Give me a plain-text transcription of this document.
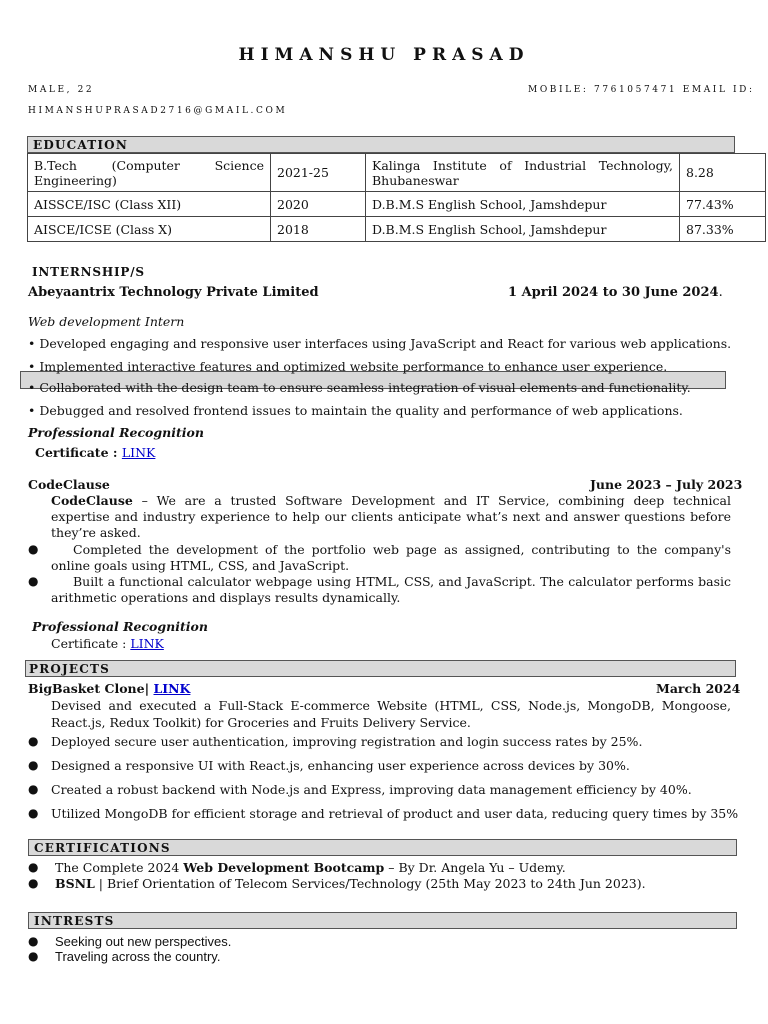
HIMANSHU PRASAD
MALE, 22	MOBILE: 7761057471 EMAIL ID:
HIMANSHUPRASAD2716@GMAIL.COM
EDUCATION
B.Tech (Computer Science Engineering)	2021-25	Kalinga Institute of Industrial Technology, Bhubaneswar	8.28
AISSCE/ISC (Class XII)	2020	D.B.M.S English School, Jamshdepur	77.43%
AISCE/ICSE (Class X)	2018	D.B.M.S English School, Jamshdepur	87.33%
INTERNSHIP/S
Abeyaantrix Technology Private Limited	1 April 2024 to 30 June 2024.
Web development Intern
• Developed engaging and responsive user interfaces using JavaScript and React for various web applications.
• Implemented interactive features and optimized website performance to enhance user experience.
• Collaborated with the design team to ensure seamless integration of visual elements and functionality.
• Debugged and resolved frontend issues to maintain the quality and performance of web applications.
Professional Recognition
Certificate : LINK
CodeClause	June 2023 – July 2023
CodeClause – We are a trusted Software Development and IT Service, combining deep technical expertise and industry experience to help our clients anticipate what’s next and answer questions before they’re asked.
●	Completed the development of the portfolio web page as assigned, contributing to the company's online goals using HTML, CSS, and JavaScript.
●	Built a functional calculator webpage using HTML, CSS, and JavaScript. The calculator performs basic arithmetic operations and displays results dynamically.
Professional Recognition
Certificate : LINK
PROJECTS
BigBasket Clone| LINK	March 2024
Devised and executed a Full-Stack E-commerce Website (HTML, CSS, Node.js, MongoDB, Mongoose, React.js, Redux Toolkit) for Groceries and Fruits Delivery Service.
● Deployed secure user authentication, improving registration and login success rates by 25%.
● Designed a responsive UI with React.js, enhancing user experience across devices by 30%.
● Created a robust backend with Node.js and Express, improving data management efficiency by 40%.
● Utilized MongoDB for efficient storage and retrieval of product and user data, reducing query times by 35%
CERTIFICATIONS
● The Complete 2024 Web Development Bootcamp – By Dr. Angela Yu – Udemy.
● BSNL | Brief Orientation of Telecom Services/Technology (25th May 2023 to 24th Jun 2023).
INTRESTS
● Seeking out new perspectives.
● Traveling across the country.
